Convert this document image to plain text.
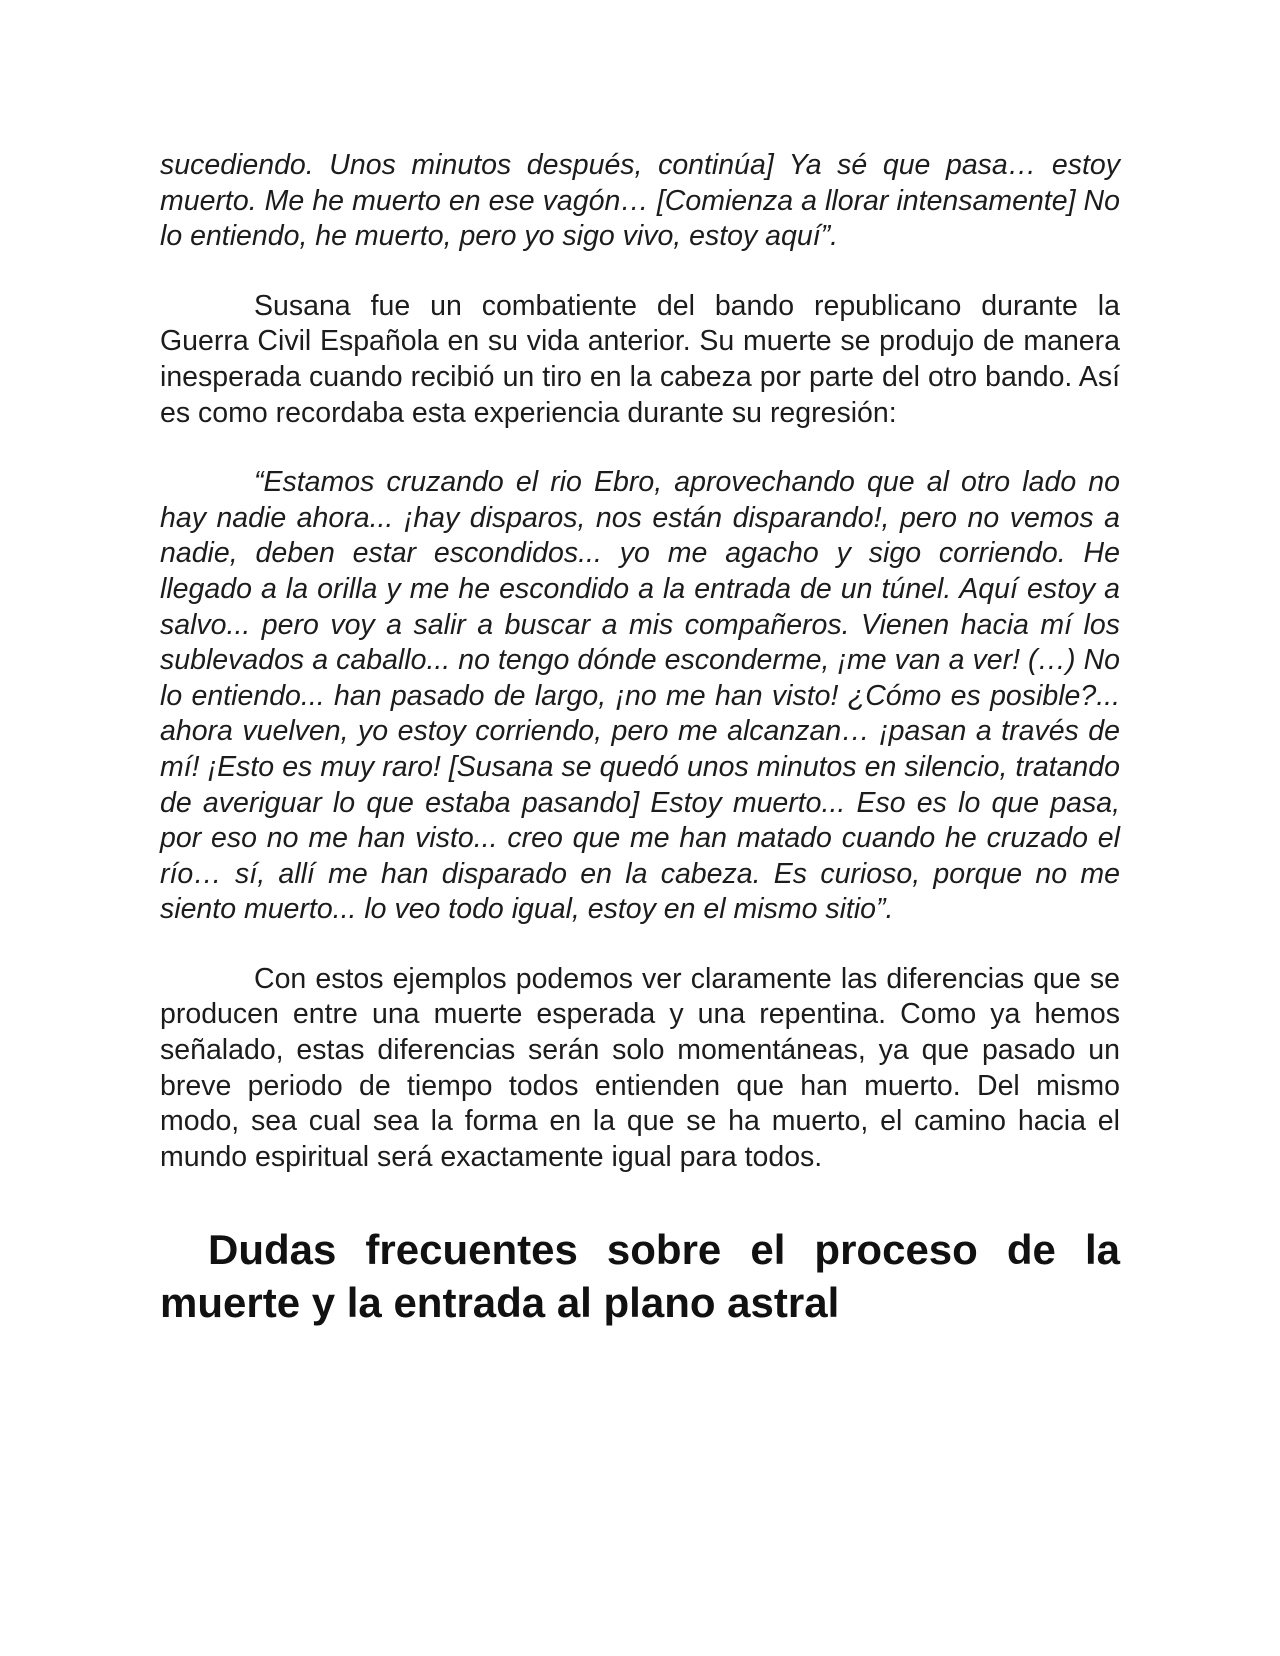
sucediendo. Unos minutos después, continúa] Ya sé que pasa… estoy muerto. Me he muerto en ese vagón… [Comienza a llorar intensamente] No lo entiendo, he muerto, pero yo sigo vivo, estoy aquí”.

Susana fue un combatiente del bando republicano durante la Guerra Civil Española en su vida anterior. Su muerte se produjo de manera inesperada cuando recibió un tiro en la cabeza por parte del otro bando. Así es como recordaba esta experiencia durante su regresión:

“Estamos cruzando el rio Ebro, aprovechando que al otro lado no hay nadie ahora... ¡hay disparos, nos están disparando!, pero no vemos a nadie, deben estar escondidos... yo me agacho y sigo corriendo. He llegado a la orilla y me he escondido a la entrada de un túnel. Aquí estoy a salvo... pero voy a salir a buscar a mis compañeros. Vienen hacia mí los sublevados a caballo... no tengo dónde esconderme, ¡me van a ver! (…) No lo entiendo... han pasado de largo, ¡no me han visto! ¿Cómo es posible?... ahora vuelven, yo estoy corriendo, pero me alcanzan… ¡pasan a través de mí! ¡Esto es muy raro! [Susana se quedó unos minutos en silencio, tratando de averiguar lo que estaba pasando] Estoy muerto... Eso es lo que pasa, por eso no me han visto... creo que me han matado cuando he cruzado el río… sí, allí me han disparado en la cabeza. Es curioso, porque no me siento muerto... lo veo todo igual, estoy en el mismo sitio”.

Con estos ejemplos podemos ver claramente las diferencias que se producen entre una muerte esperada y una repentina. Como ya hemos señalado, estas diferencias serán solo momentáneas, ya que pasado un breve periodo de tiempo todos entienden que han muerto. Del mismo modo, sea cual sea la forma en la que se ha muerto, el camino hacia el mundo espiritual será exactamente igual para todos.

Dudas frecuentes sobre el proceso de la muerte y la entrada al plano astral
